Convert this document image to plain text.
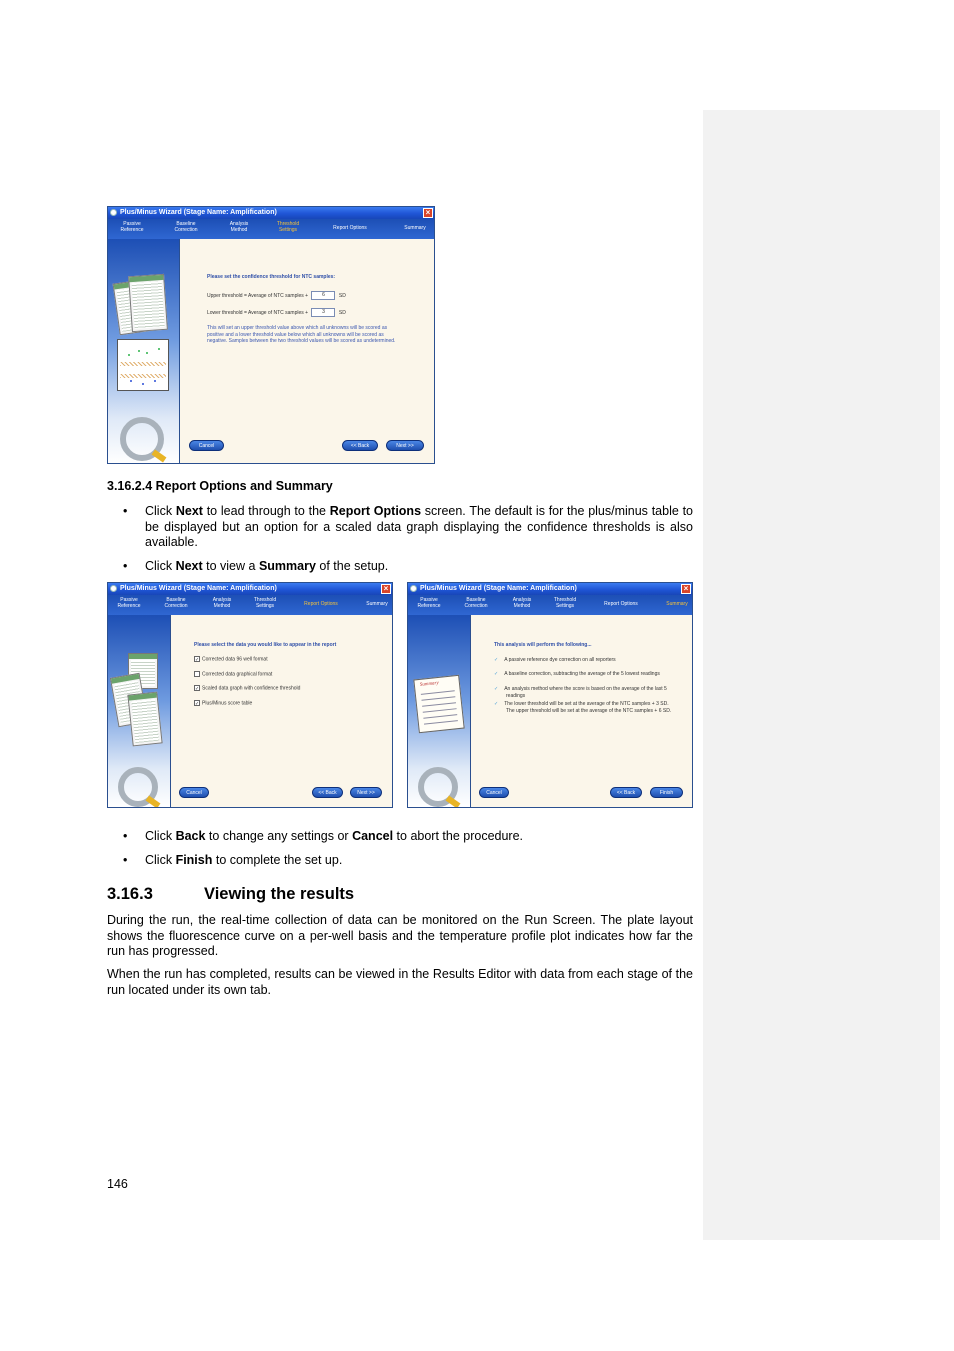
Plus/Minus Wizard (Stage Name: Amplification)	×
Passive
Reference
Baseline
Correction
Analysis
Method
Threshold
Settings	Report Options	Summary
Please set the confidence threshold for NTC samples:
Upper threshold = Average of NTC samples +	6	SD
Lower threshold = Average of NTC samples +	3	SD
This will set an upper threshold value above which all unknowns will be scored as positive and a lower threshold value below which all unknowns will be scored as negative. Samples between the two threshold values will be scored as undetermined.
Cancel	<< Back	Next >>
3.16.2.4 Report Options and Summary
• Click Next to lead through to the Report Options screen. The default is for the plus/minus table to be displayed but an option for a scaled data graph displaying the confidence thresholds is also available.
• Click Next to view a Summary of the setup.
Plus/Minus Wizard (Stage Name: Amplification)	×
Passive
Reference
Baseline
Correction
Analysis
Method
Threshold
Settings	Report Options	Summary
Please select the data you would like to appear in the report
✓ Corrected data 96 well format
Corrected data graphical format
✓ Scaled data graph with confidence threshold
✓ Plus/Minus score table
Cancel	<< Back	Next >>
Plus/Minus Wizard (Stage Name: Amplification)	×
Passive
Reference
Baseline
Correction
Analysis
Method
Threshold
Settings	Report Options	Summary
Summary
This analysis will perform the following...
✓ A passive reference dye correction on all reporters
✓ A baseline correction, subtracting the average of the 5 lowest readings
✓ An analysis method where the score is based on the average of the last 5 readings
✓ The lower threshold will be set at the average of the NTC samples + 3 SD. The upper threshold will be set at the average of the NTC samples + 6 SD.
Cancel	<< Back	Finish
• Click Back to change any settings or Cancel to abort the procedure.
• Click Finish to complete the set up.
3.16.3	Viewing the results
During the run, the real-time collection of data can be monitored on the Run Screen. The plate layout shows the fluorescence curve on a per-well basis and the temperature profile plot indicates how far the run has progressed.
When the run has completed, results can be viewed in the Results Editor with data from each stage of the run located under its own tab.
146
